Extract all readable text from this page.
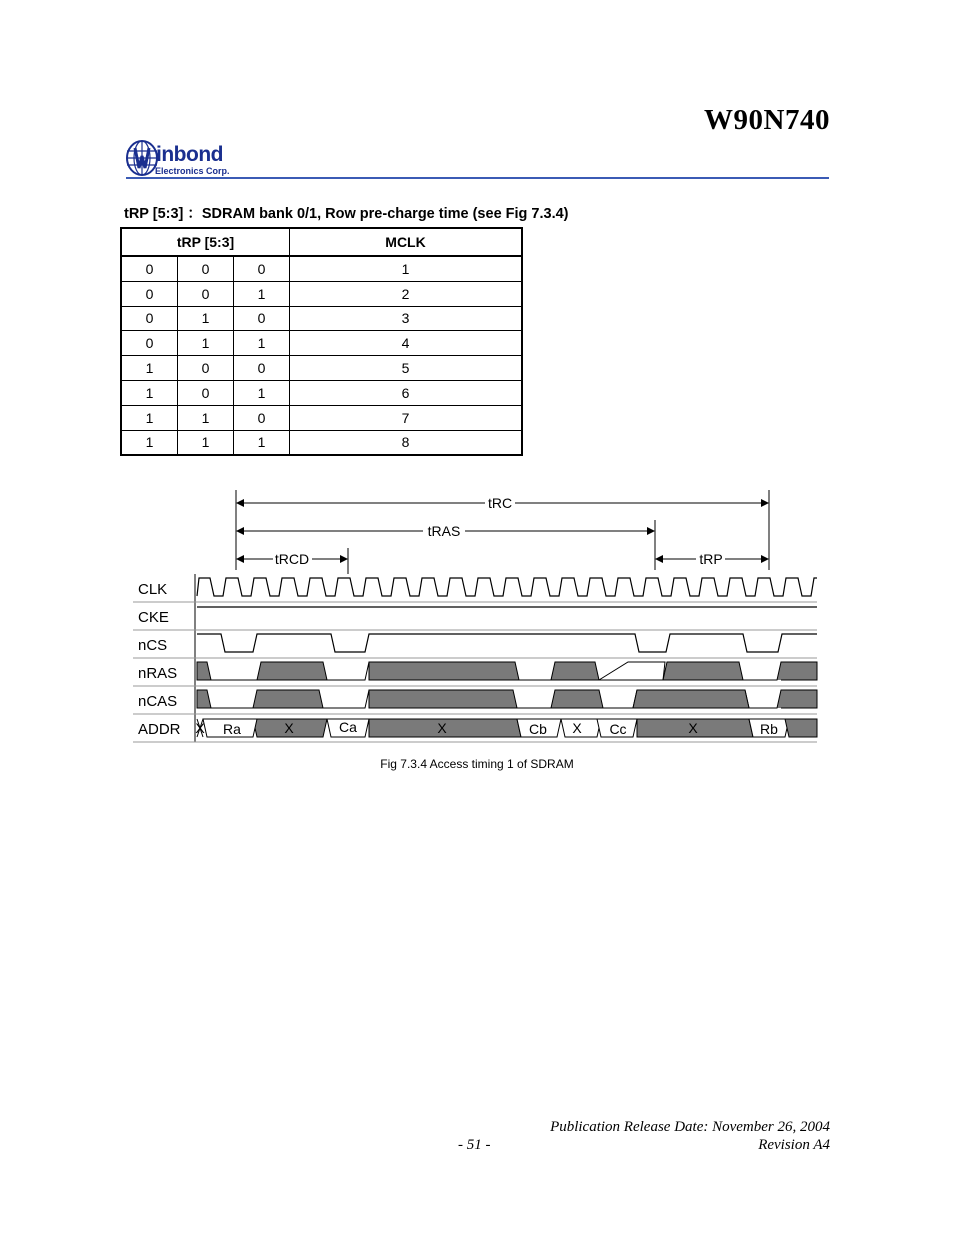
W90N740
inbond
Electronics Corp.
tRP [5:3] ：SDRAM bank 0/1, Row pre-charge time (see Fig 7.3.4)
tRP [5:3]			MCLK
0	0	0	1
0	0	1	2
0	1	0	3
0	1	1	4
1	0	0	5
1	0	1	6
1	1	0	7
1	1	1	8
tRC
tRAS
tRCD	tRP
CLK
CKE
nCS
nRAS
nCAS
ADDR X Ra	X	Ca	X	Cb X Cc	X	Rb
Fig 7.3.4 Access timing 1 of SDRAM
Publication Release Date: November 26, 2004
- 51 -	Revision A4
